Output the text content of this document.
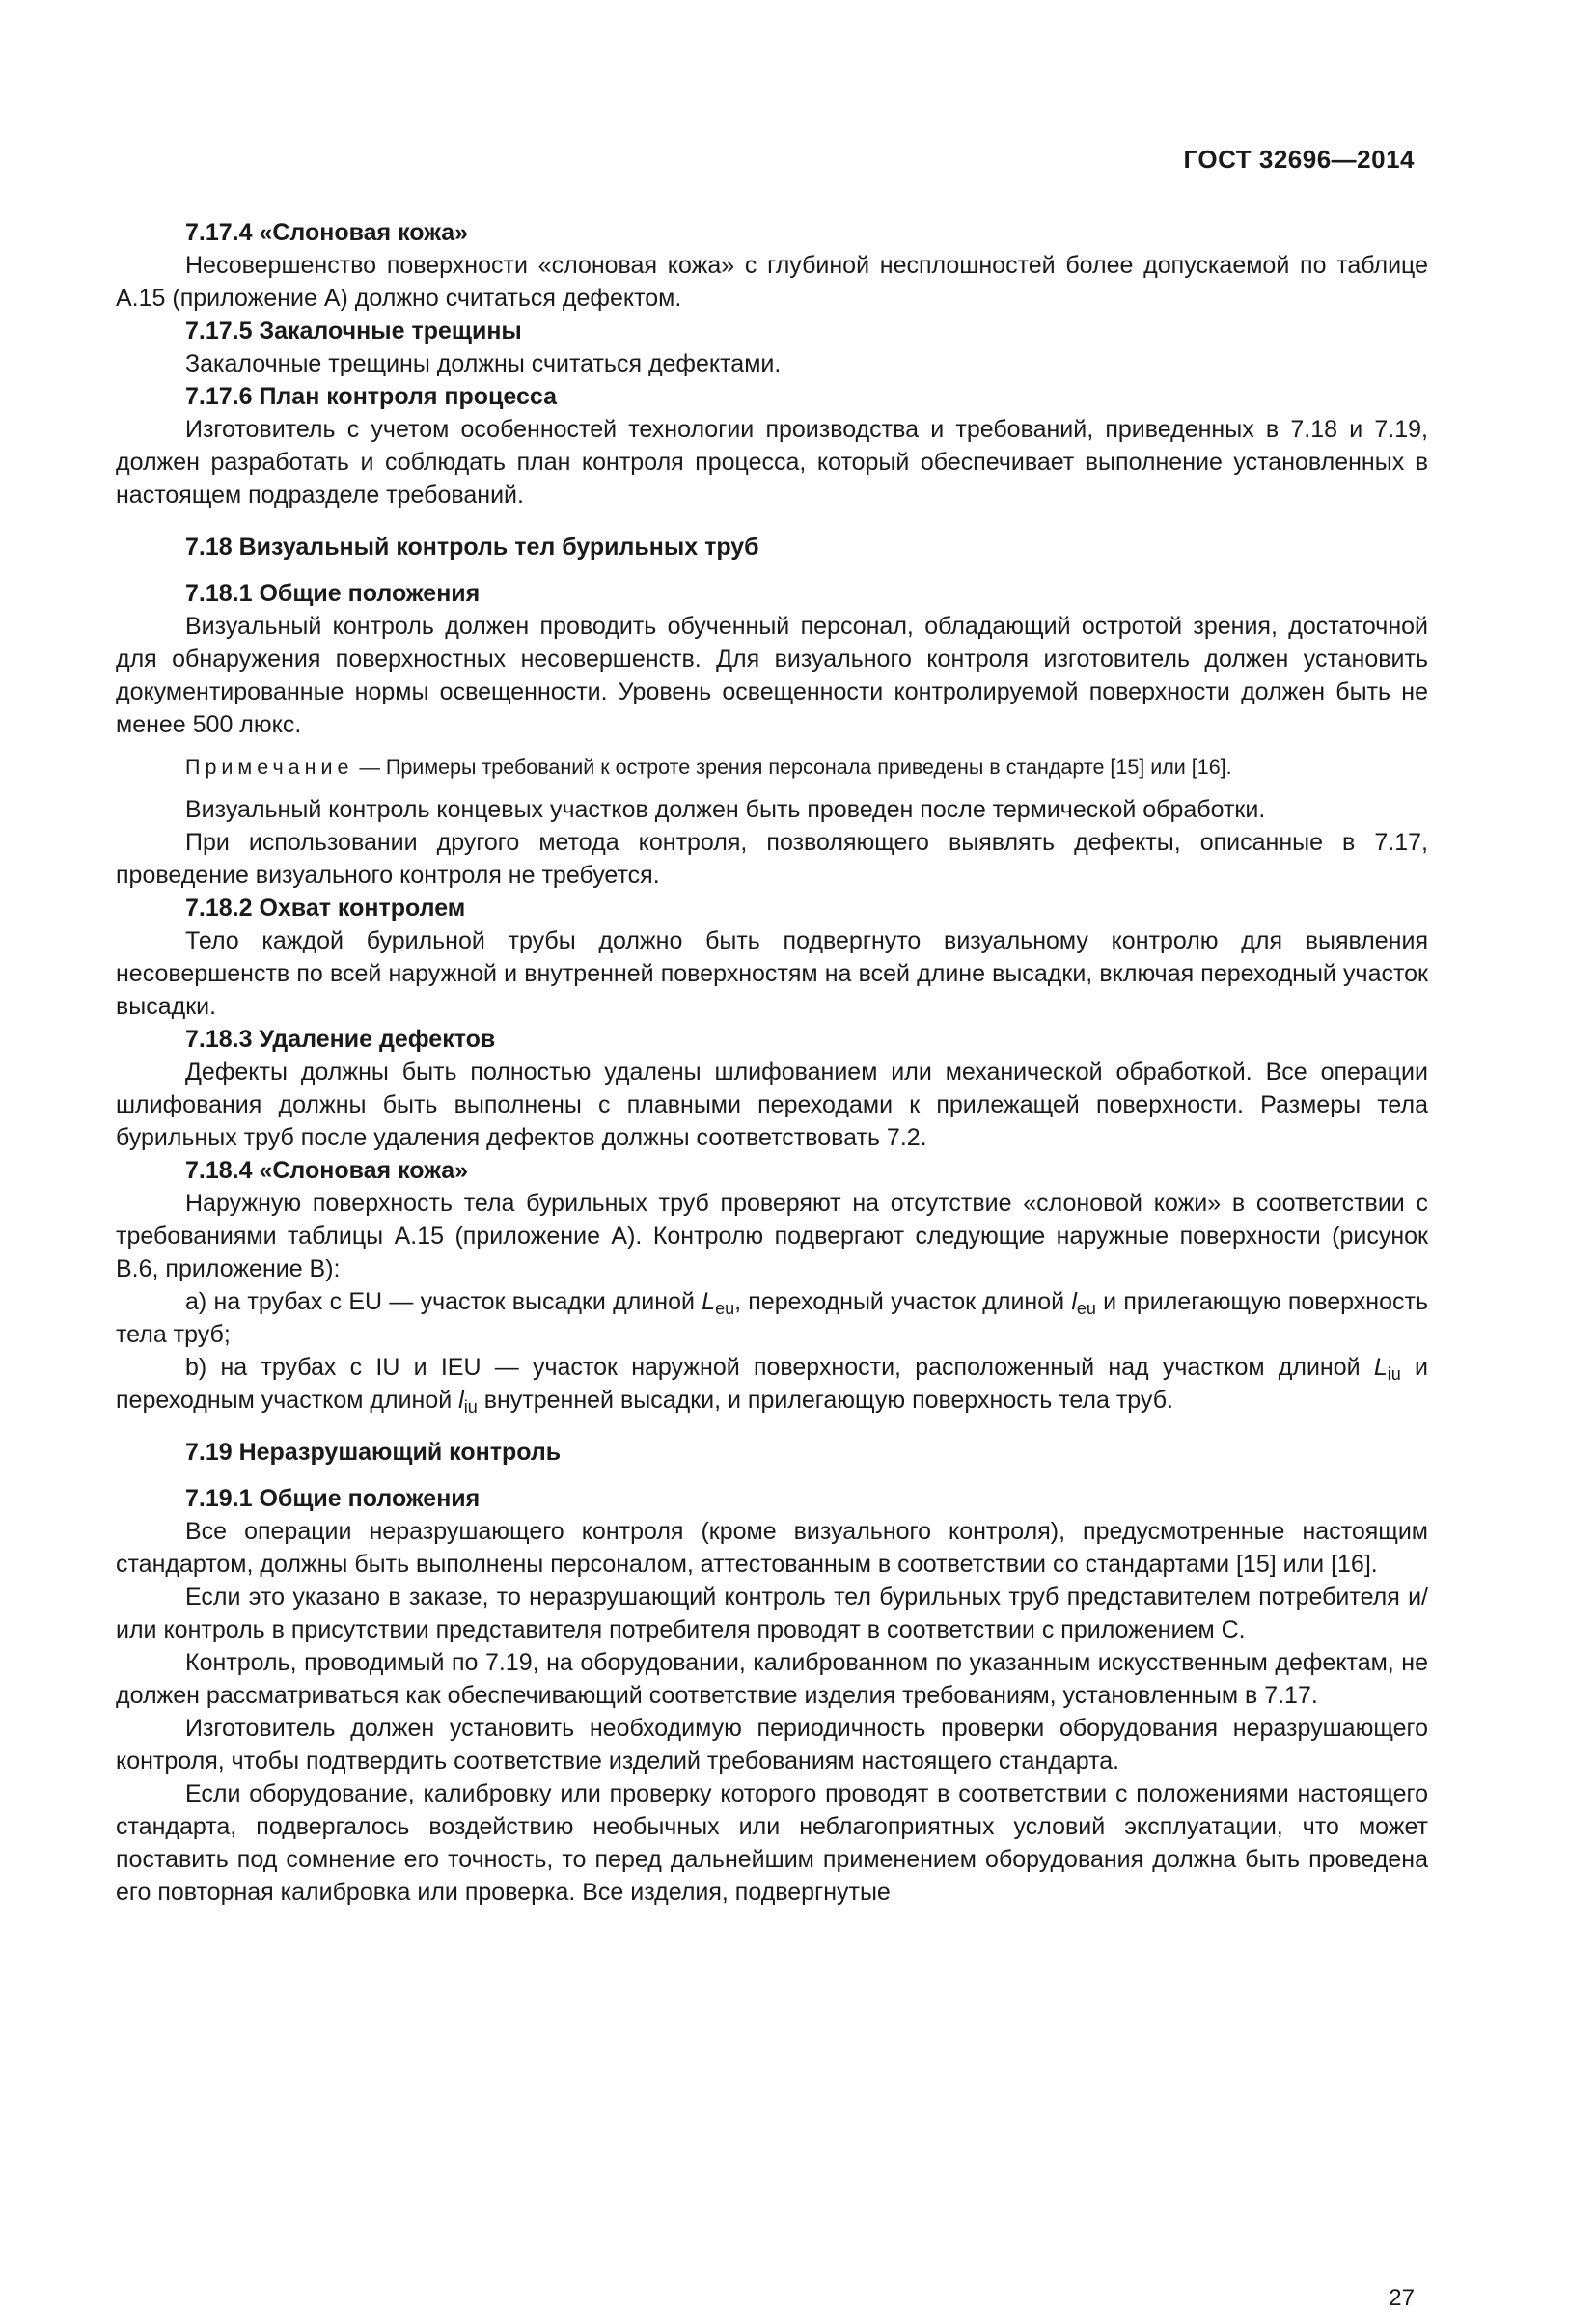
ГОСТ 32696—2014
7.17.4 «Слоновая кожа»

Несовершенство поверхности «слоновая кожа» с глубиной несплошностей более допускаемой по таблице А.15 (приложение А) должно считаться дефектом.

7.17.5 Закалочные трещины

Закалочные трещины должны считаться дефектами.

7.17.6 План контроля процесса

Изготовитель с учетом особенностей технологии производства и требований, приведенных в 7.18 и 7.19, должен разработать и соблюдать план контроля процесса, который обеспечивает выполнение установленных в настоящем подразделе требований.

7.18 Визуальный контроль тел бурильных труб
7.18.1 Общие положения

Визуальный контроль должен проводить обученный персонал, обладающий остротой зрения, достаточной для обнаружения поверхностных несовершенств. Для визуального контроля изготовитель должен установить документированные нормы освещенности. Уровень освещенности контролируемой поверхности должен быть не менее 500 люкс.

Примечание — Примеры требований к остроте зрения персонала приведены в стандарте [15] или [16].

Визуальный контроль концевых участков должен быть проведен после термической обработки.

При использовании другого метода контроля, позволяющего выявлять дефекты, описанные в 7.17, проведение визуального контроля не требуется.

7.18.2 Охват контролем

Тело каждой бурильной трубы должно быть подвергнуто визуальному контролю для выявления несовершенств по всей наружной и внутренней поверхностям на всей длине высадки, включая переходный участок высадки.

7.18.3 Удаление дефектов

Дефекты должны быть полностью удалены шлифованием или механической обработкой. Все операции шлифования должны быть выполнены с плавными переходами к прилежащей поверхности. Размеры тела бурильных труб после удаления дефектов должны соответствовать 7.2.

7.18.4 «Слоновая кожа»

Наружную поверхность тела бурильных труб проверяют на отсутствие «слоновой кожи» в соответствии с требованиями таблицы А.15 (приложение А). Контролю подвергают следующие наружные поверхности (рисунок В.6, приложение В):

а) на трубах с EU — участок высадки длиной $L_{eu}$, переходный участок длиной $l_{eu}$ и прилегающую поверхность тела труб;

b) на трубах с IU и IEU — участок наружной поверхности, расположенный над участком длиной $L_{iu}$ и переходным участком длиной $l_{iu}$ внутренней высадки, и прилегающую поверхность тела труб.

7.19 Неразрушающий контроль
7.19.1 Общие положения

Все операции неразрушающего контроля (кроме визуального контроля), предусмотренные настоящим стандартом, должны быть выполнены персоналом, аттестованным в соответствии со стандартами [15] или [16].

Если это указано в заказе, то неразрушающий контроль тел бурильных труб представителем потребителя и/или контроль в присутствии представителя потребителя проводят в соответствии с приложением С.

Контроль, проводимый по 7.19, на оборудовании, калиброванном по указанным искусственным дефектам, не должен рассматриваться как обеспечивающий соответствие изделия требованиям, установленным в 7.17.

Изготовитель должен установить необходимую периодичность проверки оборудования неразрушающего контроля, чтобы подтвердить соответствие изделий требованиям настоящего стандарта.

Если оборудование, калибровку или проверку которого проводят в соответствии с положениями настоящего стандарта, подвергалось воздействию необычных или неблагоприятных условий эксплуатации, что может поставить под сомнение его точность, то перед дальнейшим применением оборудования должна быть проведена его повторная калибровка или проверка. Все изделия, подвергнутые

27
